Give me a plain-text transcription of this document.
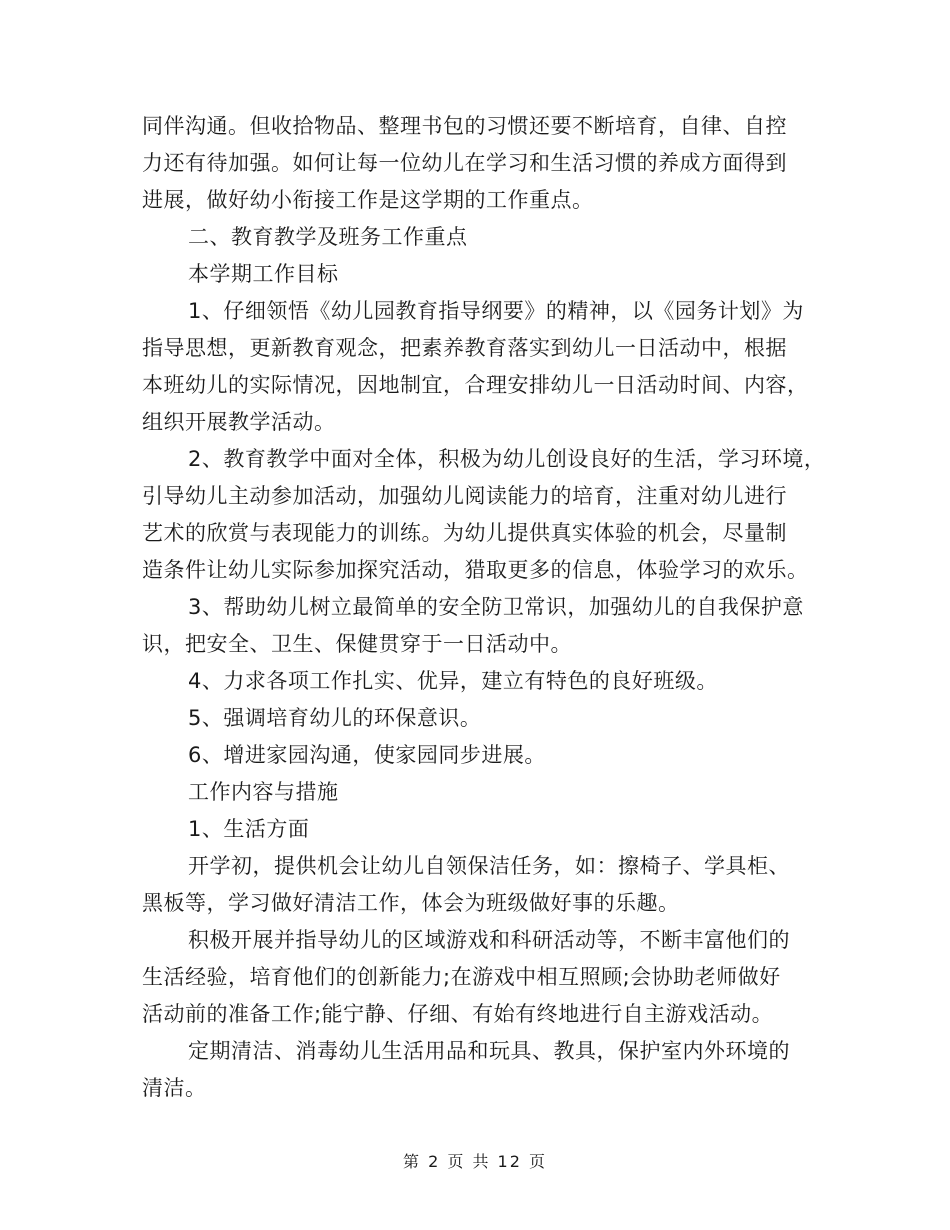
同伴沟通。但收拾物品、整理书包的习惯还要不断培育，自律、自控
力还有待加强。如何让每一位幼儿在学习和生活习惯的养成方面得到
进展，做好幼小衔接工作是这学期的工作重点。
二、教育教学及班务工作重点
本学期工作目标
1、仔细领悟《幼儿园教育指导纲要》的精神，以《园务计划》为
指导思想，更新教育观念，把素养教育落实到幼儿一日活动中，根据
本班幼儿的实际情况，因地制宜，合理安排幼儿一日活动时间、内容，
组织开展教学活动。
2、教育教学中面对全体，积极为幼儿创设良好的生活，学习环境，
引导幼儿主动参加活动，加强幼儿阅读能力的培育，注重对幼儿进行
艺术的欣赏与表现能力的训练。为幼儿提供真实体验的机会，尽量制
造条件让幼儿实际参加探究活动，猎取更多的信息，体验学习的欢乐。
3、帮助幼儿树立最简单的安全防卫常识，加强幼儿的自我保护意
识，把安全、卫生、保健贯穿于一日活动中。
4、力求各项工作扎实、优异，建立有特色的良好班级。
5、强调培育幼儿的环保意识。
6、增进家园沟通，使家园同步进展。
工作内容与措施
1、生活方面
开学初，提供机会让幼儿自领保洁任务，如：擦椅子、学具柜、
黑板等，学习做好清洁工作，体会为班级做好事的乐趣。
积极开展并指导幼儿的区域游戏和科研活动等，不断丰富他们的
生活经验，培育他们的创新能力;在游戏中相互照顾;会协助老师做好
活动前的准备工作;能宁静、仔细、有始有终地进行自主游戏活动。
定期清洁、消毒幼儿生活用品和玩具、教具，保护室内外环境的
清洁。
第 2 页 共 12 页
